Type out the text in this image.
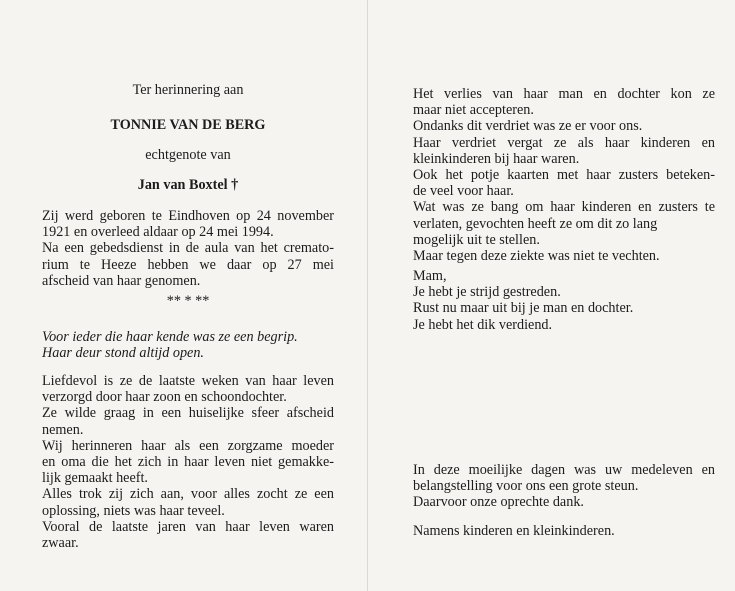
Ter herinnering aan
TONNIE VAN DE BERG
echtgenote van
Jan van Boxtel †
Zij werd geboren te Eindhoven op 24 november
1921 en overleed aldaar op 24 mei 1994.
Na een gebedsdienst in de aula van het cremato-
rium te Heeze hebben we daar op 27 mei
afscheid van haar genomen.
** * **
Voor ieder die haar kende was ze een begrip.
Haar deur stond altijd open.
Liefdevol is ze de laatste weken van haar leven
verzorgd door haar zoon en schoondochter.
Ze wilde graag in een huiselijke sfeer afscheid
nemen.
Wij herinneren haar als een zorgzame moeder
en oma die het zich in haar leven niet gemakke-
lijk gemaakt heeft.
Alles trok zij zich aan, voor alles zocht ze een
oplossing, niets was haar teveel.
Vooral de laatste jaren van haar leven waren
zwaar.
Het verlies van haar man en dochter kon ze
maar niet accepteren.
Ondanks dit verdriet was ze er voor ons.
Haar verdriet vergat ze als haar kinderen en
kleinkinderen bij haar waren.
Ook het potje kaarten met haar zusters beteken-
de veel voor haar.
Wat was ze bang om haar kinderen en zusters te
verlaten, gevochten heeft ze om dit zo lang
mogelijk uit te stellen.
Maar tegen deze ziekte was niet te vechten.
Mam,
Je hebt je strijd gestreden.
Rust nu maar uit bij je man en dochter.
Je hebt het dik verdiend.
In deze moeilijke dagen was uw medeleven en
belangstelling voor ons een grote steun.
Daarvoor onze oprechte dank.
Namens kinderen en kleinkinderen.
